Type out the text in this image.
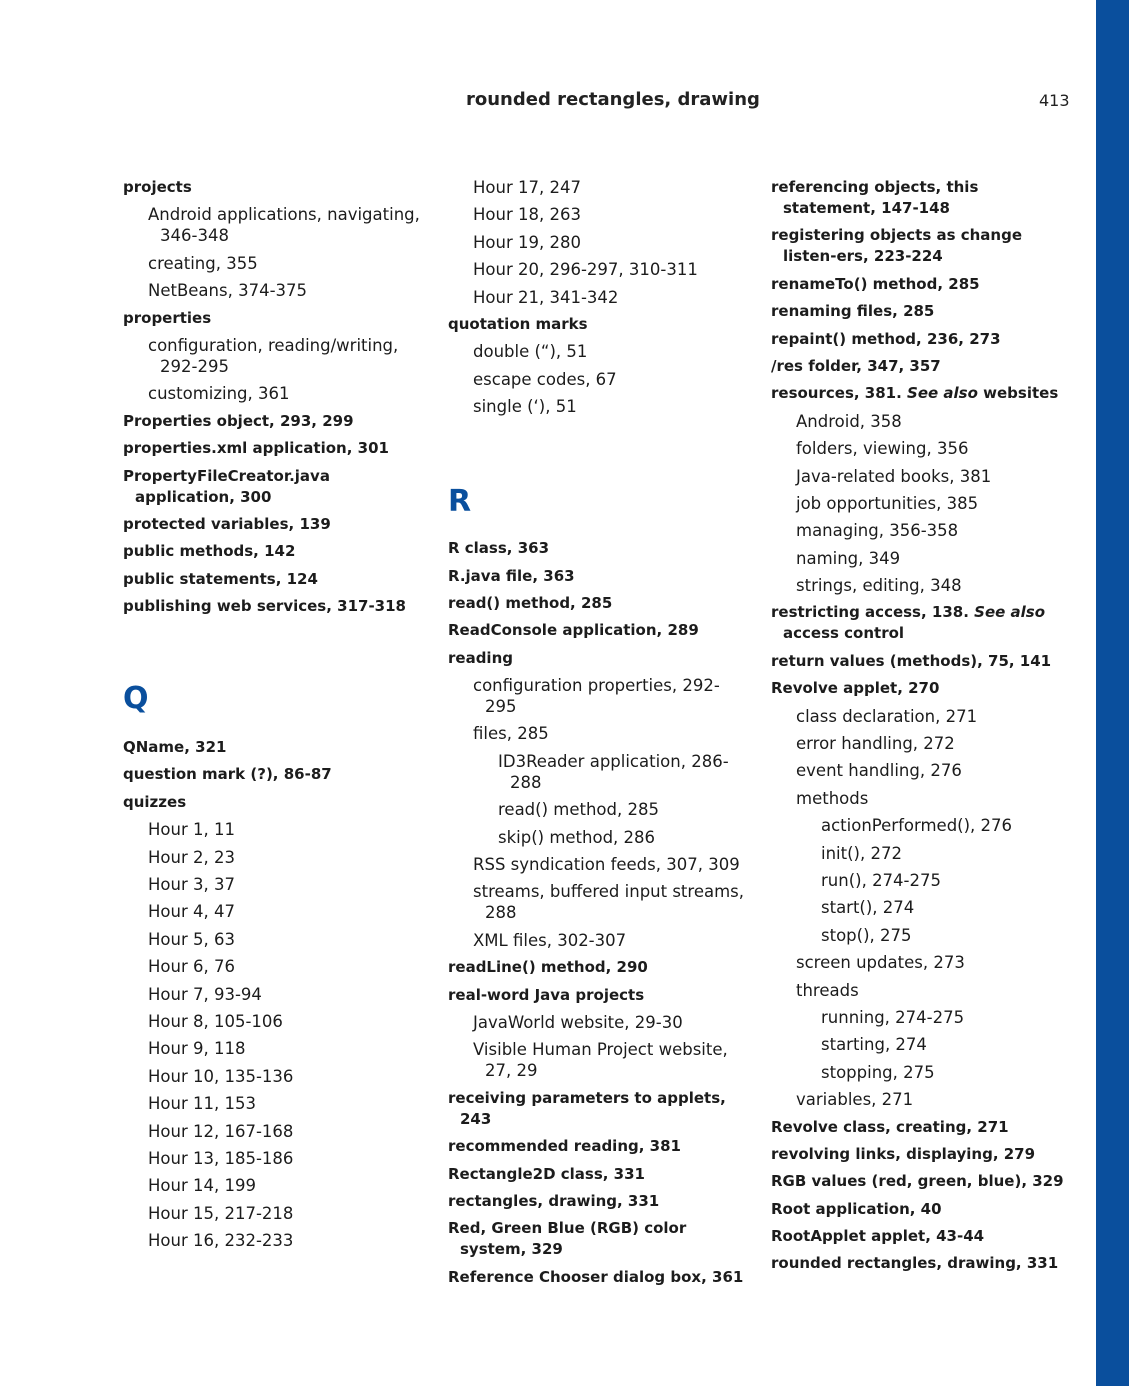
rounded rectangles, drawing	413
projects
Android applications, navigating, 346-348
creating, 355
NetBeans, 374-375
properties
configuration, reading/writing, 292-295
customizing, 361
Properties object, 293, 299
properties.xml application, 301
PropertyFileCreator.java application, 300
protected variables, 139
public methods, 142
public statements, 124
publishing web services, 317-318
Q
QName, 321
question mark (?), 86-87
quizzes
Hour 1, 11
Hour 2, 23
Hour 3, 37
Hour 4, 47
Hour 5, 63
Hour 6, 76
Hour 7, 93-94
Hour 8, 105-106
Hour 9, 118
Hour 10, 135-136
Hour 11, 153
Hour 12, 167-168
Hour 13, 185-186
Hour 14, 199
Hour 15, 217-218
Hour 16, 232-233
Hour 17, 247
Hour 18, 263
Hour 19, 280
Hour 20, 296-297, 310-311
Hour 21, 341-342
quotation marks
double (“), 51
escape codes, 67
single (‘), 51
R
R class, 363
R.java file, 363
read() method, 285
ReadConsole application, 289
reading
configuration properties, 292-295
files, 285
ID3Reader application, 286-288
read() method, 285
skip() method, 286
RSS syndication feeds, 307, 309
streams, buffered input streams, 288
XML files, 302-307
readLine() method, 290
real-word Java projects
JavaWorld website, 29-30
Visible Human Project website, 27, 29
receiving parameters to applets, 243
recommended reading, 381
Rectangle2D class, 331
rectangles, drawing, 331
Red, Green Blue (RGB) color system, 329
Reference Chooser dialog box, 361
referencing objects, this statement, 147-148
registering objects as change listen-ers, 223-224
renameTo() method, 285
renaming files, 285
repaint() method, 236, 273
/res folder, 347, 357
resources, 381. See also websites
Android, 358
folders, viewing, 356
Java-related books, 381
job opportunities, 385
managing, 356-358
naming, 349
strings, editing, 348
restricting access, 138. See also access control
return values (methods), 75, 141
Revolve applet, 270
class declaration, 271
error handling, 272
event handling, 276
methods
actionPerformed(), 276
init(), 272
run(), 274-275
start(), 274
stop(), 275
screen updates, 273
threads
running, 274-275
starting, 274
stopping, 275
variables, 271
Revolve class, creating, 271
revolving links, displaying, 279
RGB values (red, green, blue), 329
Root application, 40
RootApplet applet, 43-44
rounded rectangles, drawing, 331
